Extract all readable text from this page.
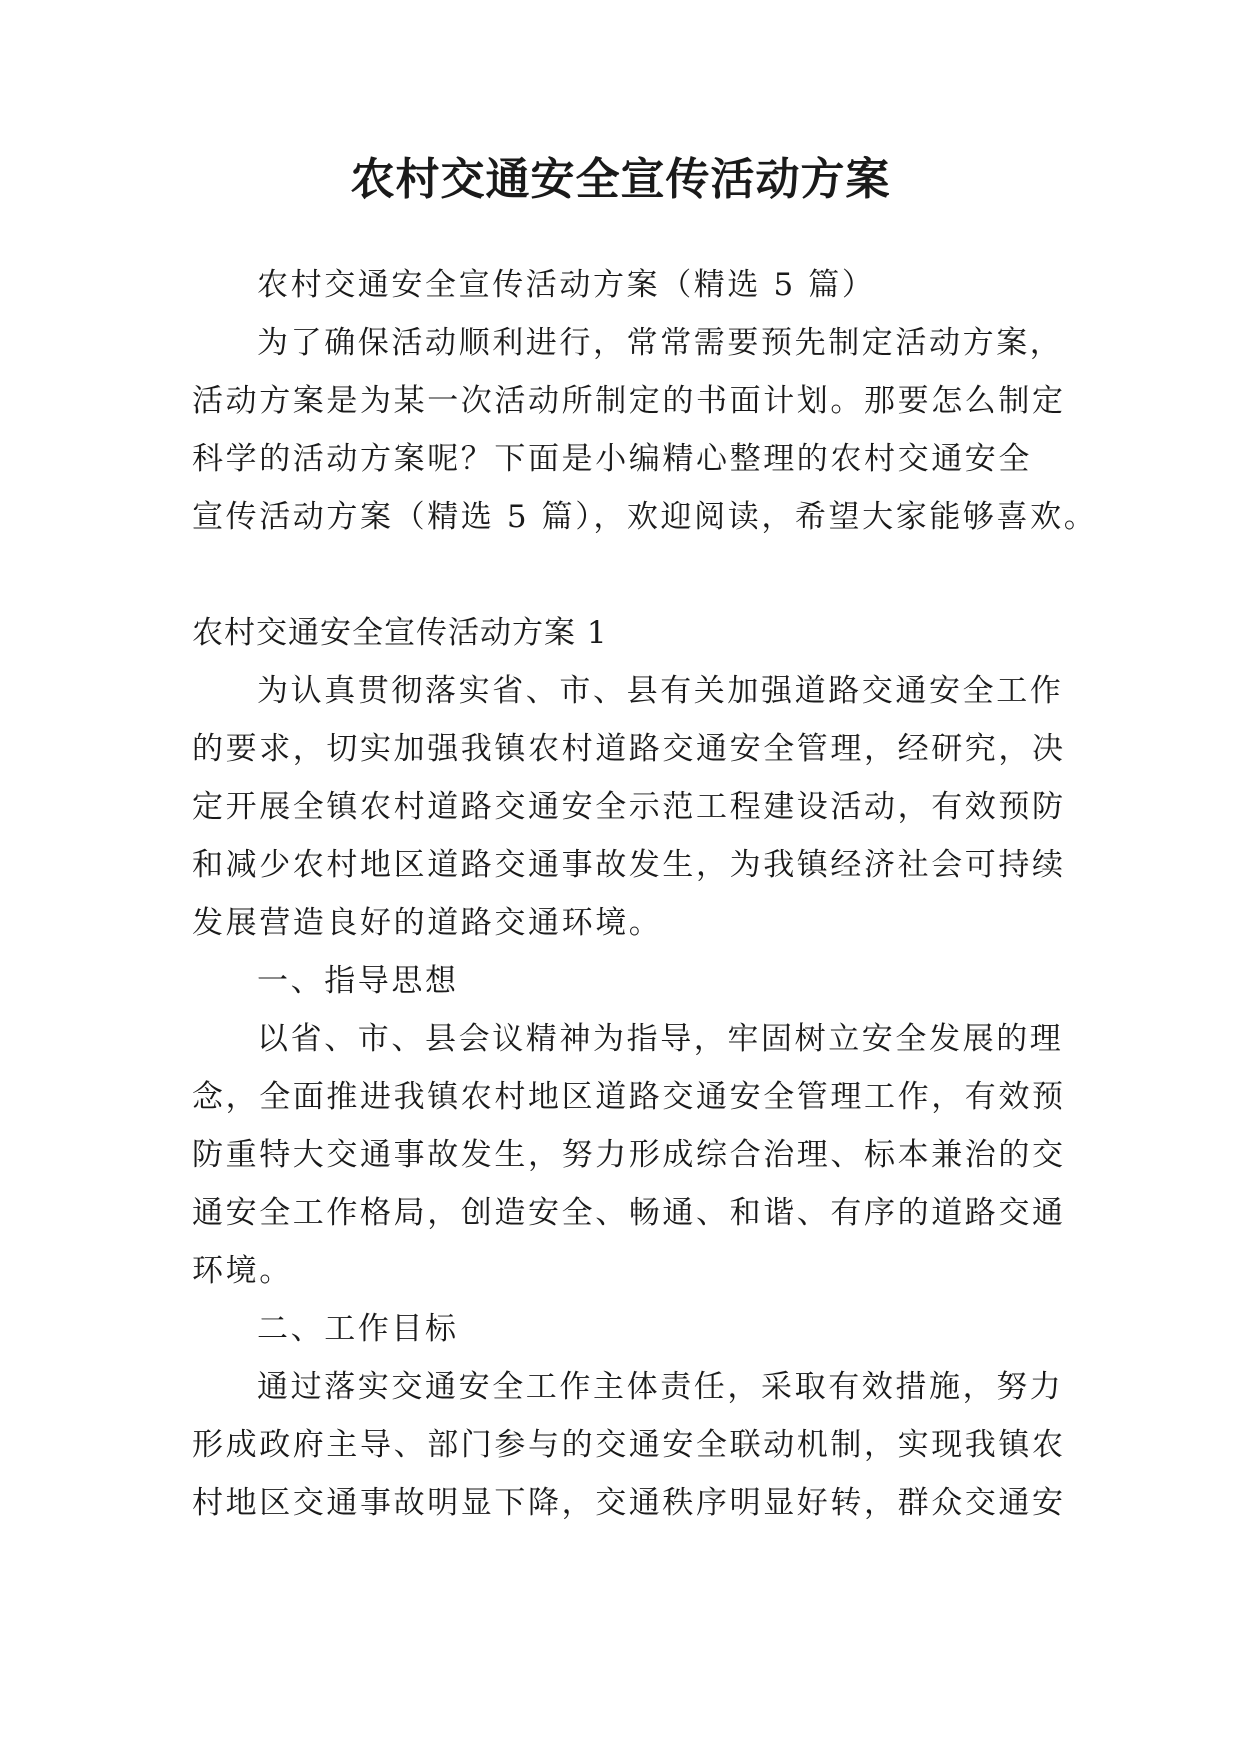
农村交通安全宣传活动方案
农村交通安全宣传活动方案（精选 5 篇）
为了确保活动顺利进行，常常需要预先制定活动方案，
活动方案是为某一次活动所制定的书面计划。那要怎么制定
科学的活动方案呢？下面是小编精心整理的农村交通安全
宣传活动方案（精选 5 篇），欢迎阅读，希望大家能够喜欢。
农村交通安全宣传活动方案 1
为认真贯彻落实省、市、县有关加强道路交通安全工作
的要求，切实加强我镇农村道路交通安全管理，经研究，决
定开展全镇农村道路交通安全示范工程建设活动，有效预防
和减少农村地区道路交通事故发生，为我镇经济社会可持续
发展营造良好的道路交通环境。
一、指导思想
以省、市、县会议精神为指导，牢固树立安全发展的理
念，全面推进我镇农村地区道路交通安全管理工作，有效预
防重特大交通事故发生，努力形成综合治理、标本兼治的交
通安全工作格局，创造安全、畅通、和谐、有序的道路交通
环境。
二、工作目标
通过落实交通安全工作主体责任，采取有效措施，努力
形成政府主导、部门参与的交通安全联动机制，实现我镇农
村地区交通事故明显下降，交通秩序明显好转，群众交通安
